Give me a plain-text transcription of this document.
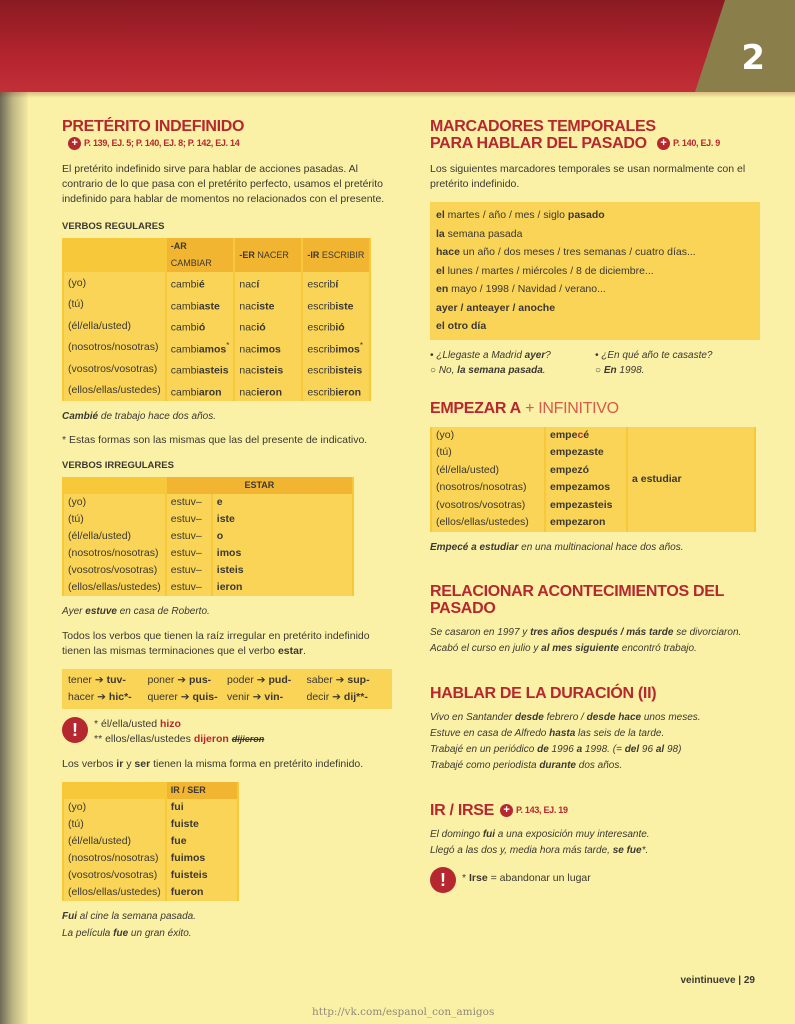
2
PRETÉRITO INDEFINIDO
+ P. 139, EJ. 5; P. 140, EJ. 8; P. 142, EJ. 14

El pretérito indefinido sirve para hablar de acciones pasadas. Al contrario de lo que pasa con el pretérito perfecto, usamos el pretérito indefinido para hablar de momentos no relacionados con el presente.

VERBOS REGULARES
	-AR CAMBIAR	-ER NACER	-IR ESCRIBIR
(yo)	cambié	nací	escribí
(tú)	cambiaste	naciste	escribiste
(él/ella/usted)	cambió	nació	escribió
(nosotros/nosotras)	cambiamos*	nacimos	escribimos*
(vosotros/vosotras)	cambiasteis	nacisteis	escribisteis
(ellos/ellas/ustedes)	cambiaron	nacieron	escribieron

Cambié de trabajo hace dos años.

* Estas formas son las mismas que las del presente de indicativo.

VERBOS IRREGULARES
	ESTAR	
(yo)	estuv–	e
(tú)	estuv–	iste
(él/ella/usted)	estuv–	o
(nosotros/nosotras)	estuv–	imos
(vosotros/vosotras)	estuv–	isteis
(ellos/ellas/ustedes)	estuv–	ieron

Ayer estuve en casa de Roberto.

Todos los verbos que tienen la raíz irregular en pretérito indefinido tienen las mismas terminaciones que el verbo estar.

tener ➔ tuv-	poner ➔ pus-	poder ➔ pud-	saber ➔ sup-
hacer ➔ hic*-	querer ➔ quis- venir ➔ vin-	decir ➔ dij**-
!	* él/ella/usted hizo
** ellos/ellas/ustedes dijeron dijieron

Los verbos ir y ser tienen la misma forma en pretérito indefinido.

	IR / SER
(yo)	fui
(tú)	fuiste
(él/ella/usted)	fue
(nosotros/nosotras)	fuimos
(vosotros/vosotras)	fuisteis
(ellos/ellas/ustedes)	fueron

Fui al cine la semana pasada.

La película fue un gran éxito.

MARCADORES TEMPORALES
PARA HABLAR DEL PASADO	+ P. 140, EJ. 9

Los siguientes marcadores temporales se usan normalmente con el pretérito indefinido.

el martes / año / mes / siglo pasado
la semana pasada
hace un año / dos meses / tres semanas / cuatro días...
el lunes / martes / miércoles / 8 de diciembre...
en mayo / 1998 / Navidad / verano...
ayer / anteayer / anoche
el otro día
• ¿Llegaste a Madrid ayer?	• ¿En qué año te casaste?
○ No, la semana pasada.	○ En 1998.
EMPEZAR A + INFINITIVO
(yo)	empecé	a estudiar
(tú)	empezaste	
(él/ella/usted)	empezó	
(nosotros/nosotras)	empezamos	
(vosotros/vosotras)	empezasteis	
(ellos/ellas/ustedes)	empezaron	

Empecé a estudiar en una multinacional hace dos años.

RELACIONAR ACONTECIMIENTOS DEL PASADO
Se casaron en 1997 y tres años después / más tarde se divorciaron.
Acabó el curso en julio y al mes siguiente encontró trabajo.
HABLAR DE LA DURACIÓN (II)
Vivo en Santander desde febrero / desde hace unos meses.
Estuve en casa de Alfredo hasta las seis de la tarde.
Trabajé en un periódico de 1996 a 1998. (= del 96 al 98)
Trabajé como periodista durante dos años.
IR / IRSE + P. 143, EJ. 19
El domingo fui a una exposición muy interesante.
Llegó a las dos y, media hora más tarde, se fue*.
!	* Irse = abandonar un lugar
veintinueve | 29
http://vk.com/espanol_con_amigos
